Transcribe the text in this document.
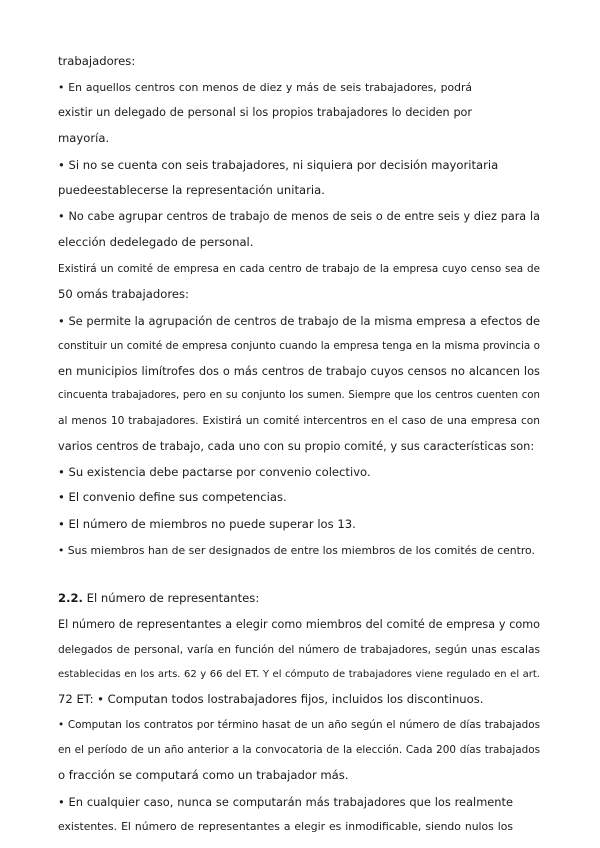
trabajadores:
• En aquellos centros con menos de diez y más de seis trabajadores, podrá
existir un delegado de personal si los propios trabajadores lo deciden por
mayoría.
• Si no se cuenta con seis trabajadores, ni siquiera por decisión mayoritaria
puedeestablecerse la representación unitaria.
• No cabe agrupar centros de trabajo de menos de seis o de entre seis y diez para la
elección dedelegado de personal.
Existirá un comité de empresa en cada centro de trabajo de la empresa cuyo censo sea de
50 omás trabajadores:
• Se permite la agrupación de centros de trabajo de la misma empresa a efectos de
constituir un comité de empresa conjunto cuando la empresa tenga en la misma provincia o
en municipios limítrofes dos o más centros de trabajo cuyos censos no alcancen los
cincuenta trabajadores, pero en su conjunto los sumen. Siempre que los centros cuenten con
al menos 10 trabajadores. Existirá un comité intercentros en el caso de una empresa con
varios centros de trabajo, cada uno con su propio comité, y sus características son:
• Su existencia debe pactarse por convenio colectivo.
• El convenio define sus competencias.
• El número de miembros no puede superar los 13.
• Sus miembros han de ser designados de entre los miembros de los comités de centro.
2.2. El número de representantes:
El número de representantes a elegir como miembros del comité de empresa y como
delegados de personal, varía en función del número de trabajadores, según unas escalas
establecidas en los arts. 62 y 66 del ET. Y el cómputo de trabajadores viene regulado en el art.
72 ET: • Computan todos lostrabajadores fijos, incluidos los discontinuos.
• Computan los contratos por término hasat de un año según el número de días trabajados
en el período de un año anterior a la convocatoria de la elección. Cada 200 días trabajados
o fracción se computará como un trabajador más.
• En cualquier caso, nunca se computarán más trabajadores que los realmente
existentes. El número de representantes a elegir es inmodificable, siendo nulos los
